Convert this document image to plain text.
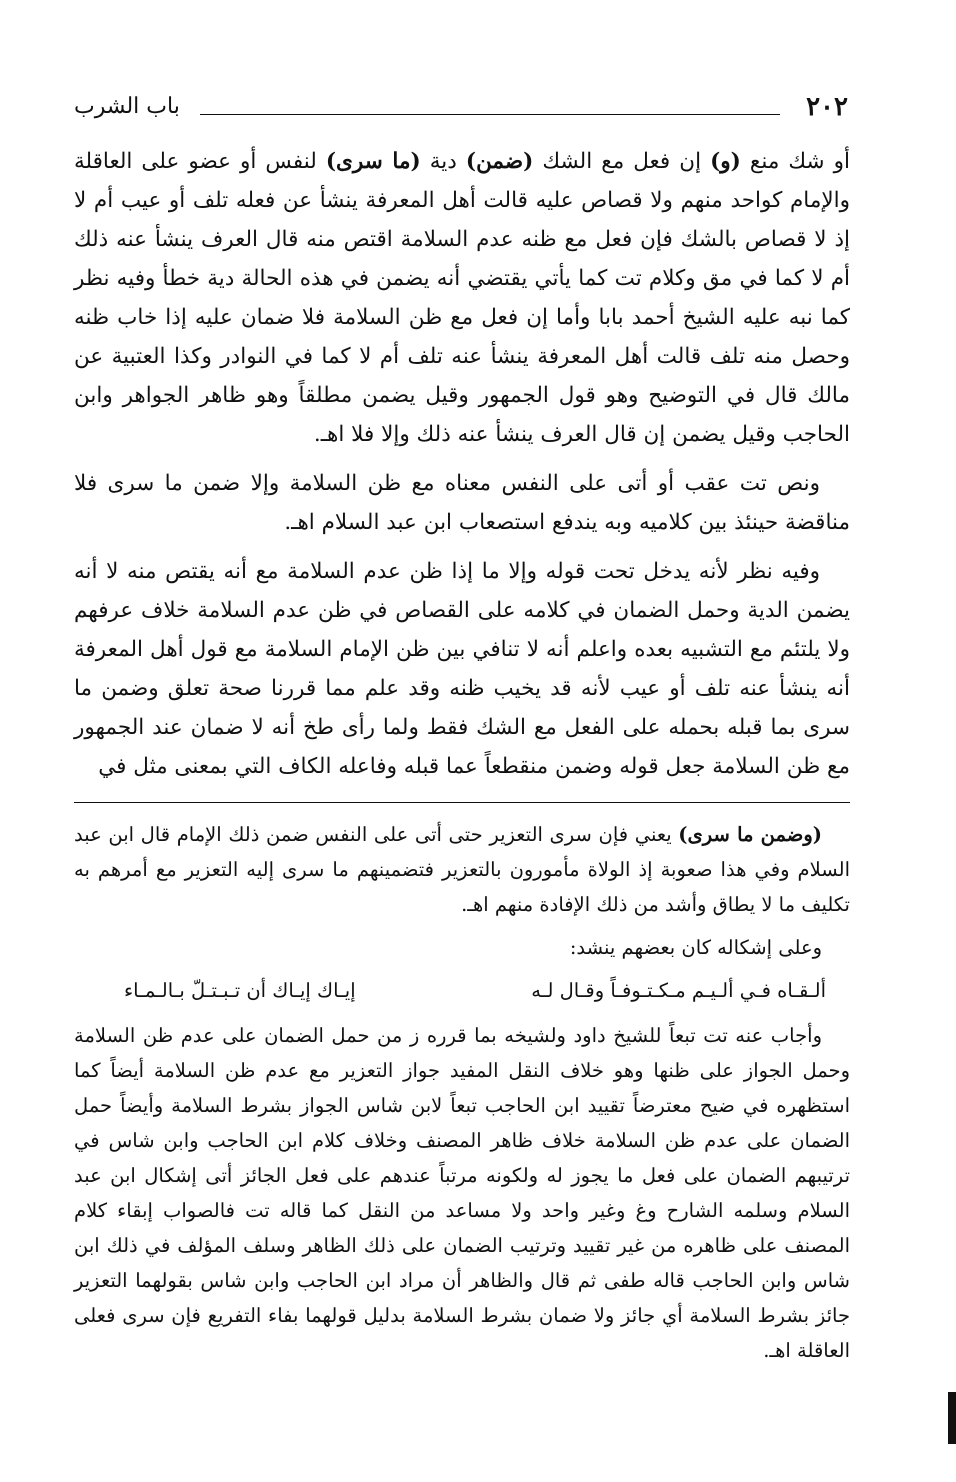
٢٠٢
باب الشرب

أو شك منع (و) إن فعل مع الشك (ضمن) دية (ما سرى) لنفس أو عضو على العاقلة والإمام كواحد منهم ولا قصاص عليه قالت أهل المعرفة ينشأ عن فعله تلف أو عيب أم لا إذ لا قصاص بالشك فإن فعل مع ظنه عدم السلامة اقتص منه قال العرف ينشأ عنه ذلك أم لا كما في مق وكلام تت كما يأتي يقتضي أنه يضمن في هذه الحالة دية خطأ وفيه نظر كما نبه عليه الشيخ أحمد بابا وأما إن فعل مع ظن السلامة فلا ضمان عليه إذا خاب ظنه وحصل منه تلف قالت أهل المعرفة ينشأ عنه تلف أم لا كما في النوادر وكذا العتبية عن مالك قال في التوضيح وهو قول الجمهور وقيل يضمن مطلقاً وهو ظاهر الجواهر وابن الحاجب وقيل يضمن إن قال العرف ينشأ عنه ذلك وإلا فلا اهـ.

ونص تت عقب أو أتى على النفس معناه مع ظن السلامة وإلا ضمن ما سرى فلا مناقضة حينئذ بين كلاميه وبه يندفع استصعاب ابن عبد السلام اهـ.

وفيه نظر لأنه يدخل تحت قوله وإلا ما إذا ظن عدم السلامة مع أنه يقتص منه لا أنه يضمن الدية وحمل الضمان في كلامه على القصاص في ظن عدم السلامة خلاف عرفهم ولا يلتئم مع التشبيه بعده واعلم أنه لا تنافي بين ظن الإمام السلامة مع قول أهل المعرفة أنه ينشأ عنه تلف أو عيب لأنه قد يخيب ظنه وقد علم مما قررنا صحة تعلق وضمن ما سرى بما قبله بحمله على الفعل مع الشك فقط ولما رأى طخ أنه لا ضمان عند الجمهور مع ظن السلامة جعل قوله وضمن منقطعاً عما قبله وفاعله الكاف التي بمعنى مثل في

(وضمن ما سرى) يعني فإن سرى التعزير حتى أتى على النفس ضمن ذلك الإمام قال ابن عبد السلام وفي هذا صعوبة إذ الولاة مأمورون بالتعزير فتضمينهم ما سرى إليه التعزير مع أمرهم به تكليف ما لا يطاق وأشد من ذلك الإفادة منهم اهـ.

وعلى إشكاله كان بعضهم ينشد:

ألـقـاه فـي ألـيـم مـكـتـوفـاً وقـال لـه
إيـاك إيـاك أن تـبـتـلّ بـالـمـاء

وأجاب عنه تت تبعاً للشيخ داود ولشيخه بما قرره ز من حمل الضمان على عدم ظن السلامة وحمل الجواز على ظنها وهو خلاف النقل المفيد جواز التعزير مع عدم ظن السلامة أيضاً كما استظهره في ضيح معترضاً تقييد ابن الحاجب تبعاً لابن شاس الجواز بشرط السلامة وأيضاً حمل الضمان على عدم ظن السلامة خلاف ظاهر المصنف وخلاف كلام ابن الحاجب وابن شاس في ترتيبهم الضمان على فعل ما يجوز له ولكونه مرتباً عندهم على فعل الجائز أتى إشكال ابن عبد السلام وسلمه الشارح وغ وغير واحد ولا مساعد من النقل كما قاله تت فالصواب إبقاء كلام المصنف على ظاهره من غير تقييد وترتيب الضمان على ذلك الظاهر وسلف المؤلف في ذلك ابن شاس وابن الحاجب قاله طفى ثم قال والظاهر أن مراد ابن الحاجب وابن شاس بقولهما التعزير جائز بشرط السلامة أي جائز ولا ضمان بشرط السلامة بدليل قولهما بفاء التفريع فإن سرى فعلى العاقلة اهـ.
